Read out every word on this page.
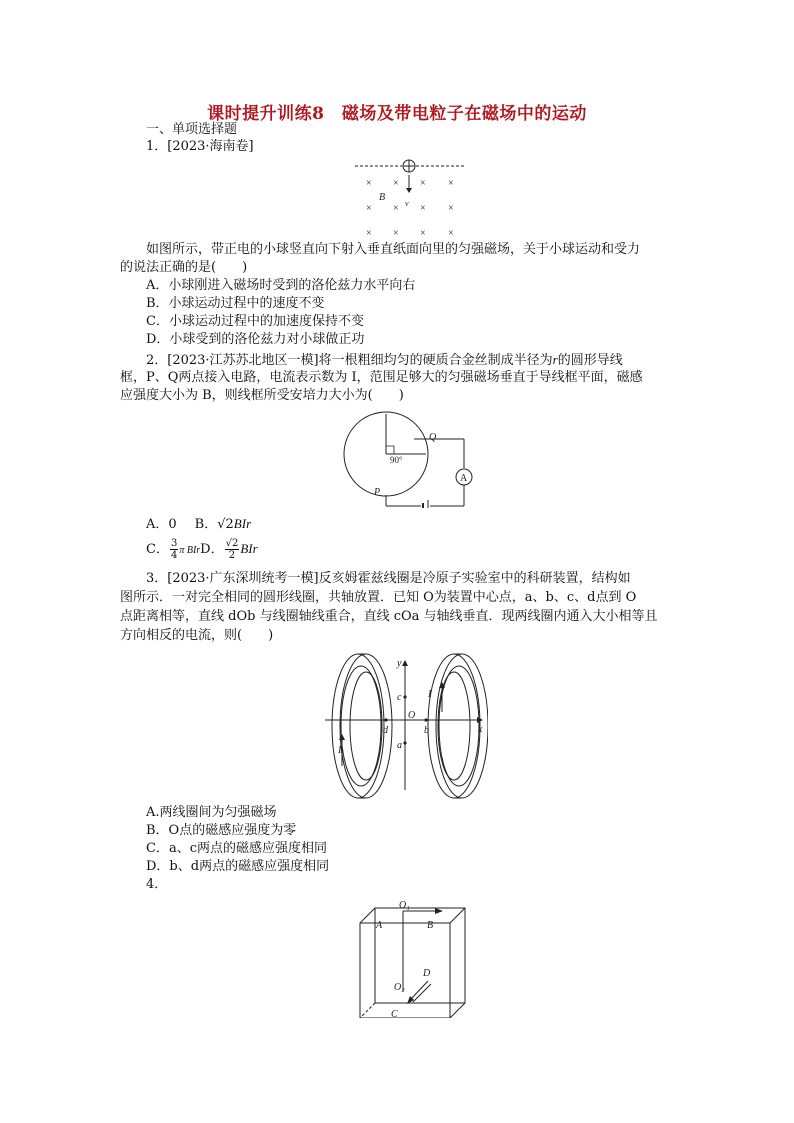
课时提升训练8　磁场及带电粒子在磁场中的运动
一、单项选择题
1．[2023·海南卷]
× × × ×
B
v
× × × ×
× × × ×
如图所示，带正电的小球竖直向下射入垂直纸面向里的匀强磁场，关于小球运动和受力
的说法正确的是(　　)
A．小球刚进入磁场时受到的洛伦兹力水平向右
B．小球运动过程中的速度不变
C．小球运动过程中的加速度保持不变
D．小球受到的洛伦兹力对小球做正功
2．[2023·江苏苏北地区一模]将一根粗细均匀的硬质合金丝制成半径为r的圆形导线
框，P、Q两点接入电路，电流表示数为 I，范围足够大的匀强磁场垂直于导线框平面，磁感
应强度大小为 B，则线框所受安培力大小为(　　)
A
Q
P
90°
A．0 B．√2BIr
C． $\frac{3}{4}$ π BIrD． $\frac{√2}{2}$ BIr
3．[2023·广东深圳统考一模]反亥姆霍兹线圈是冷原子实验室中的科研装置，结构如
图所示．一对完全相同的圆形线圈，共轴放置．已知 O为装置中心点，a、b、c、d点到 O
点距离相等，直线 dOb 与线圈轴线重合，直线 cOa 与轴线垂直．现两线圈内通入大小相等且
方向相反的电流，则(　　)
y
x
c
O
d	b
a
I
I
A.两线圈间为匀强磁场
B．O点的磁感应强度为零
C．a、c两点的磁感应强度相同
D．b、d两点的磁感应强度相同
4．
O₁
A	B
D
O₂
C
